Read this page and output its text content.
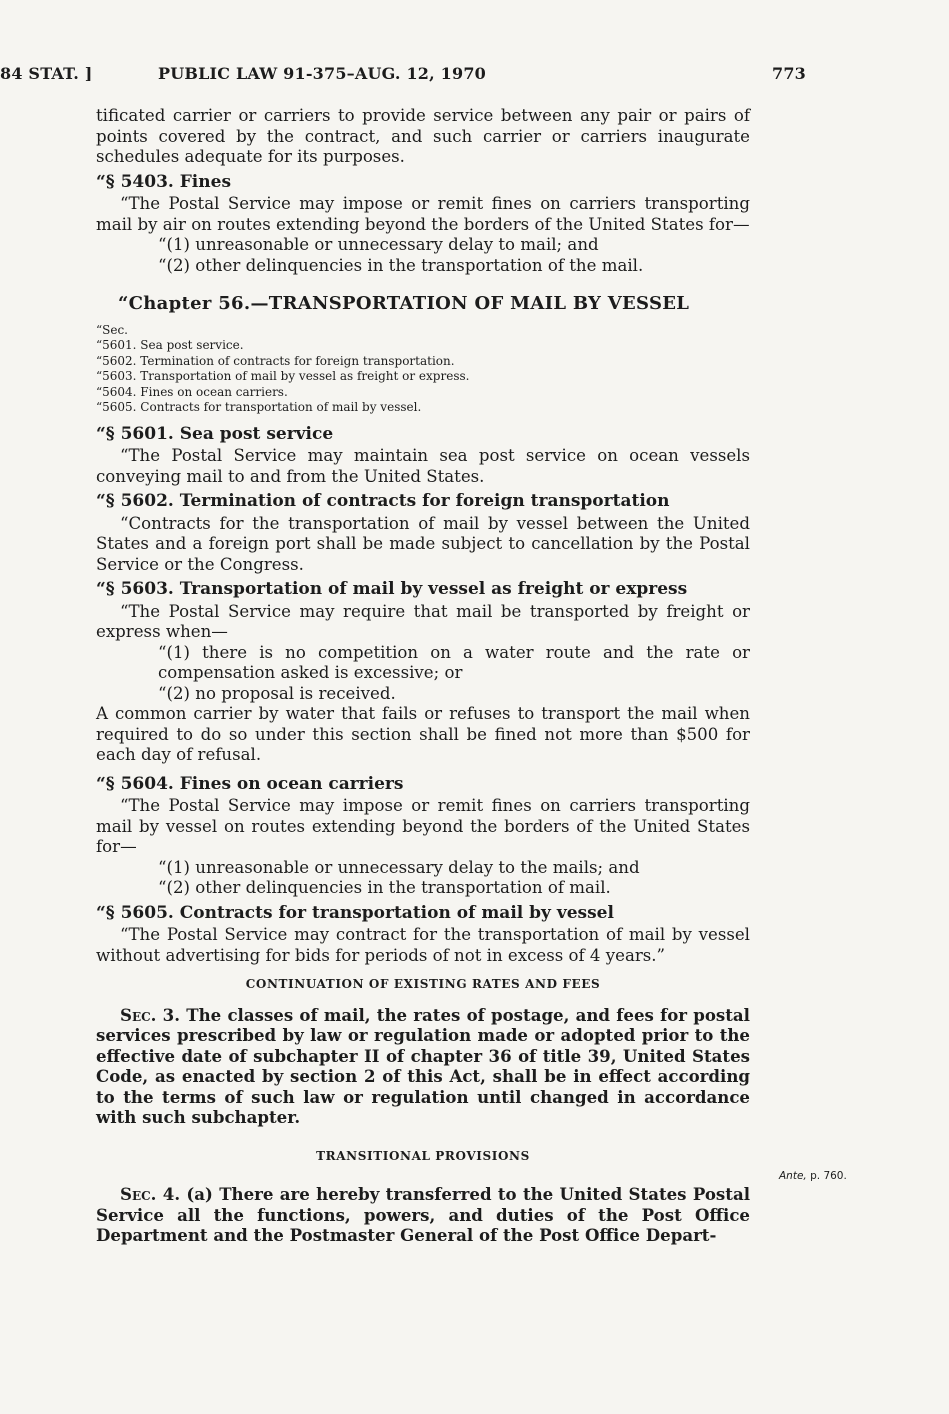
84 STAT. ]	PUBLIC LAW 91-375–AUG. 12, 1970	773

tificated carrier or carriers to provide service between any pair or pairs of points covered by the contract, and such carrier or carriers inaugurate schedules adequate for its purposes.

“§ 5403. Fines

“The Postal Service may impose or remit fines on carriers transporting mail by air on routes extending beyond the borders of the United States for—

“(1) unreasonable or unnecessary delay to mail; and

“(2) other delinquencies in the transportation of the mail.

“Chapter 56.—TRANSPORTATION OF MAIL BY VESSEL
“Sec.
“5601. Sea post service.
“5602. Termination of contracts for foreign transportation.
“5603. Transportation of mail by vessel as freight or express.
“5604. Fines on ocean carriers.
“5605. Contracts for transportation of mail by vessel.
“§ 5601. Sea post service

“The Postal Service may maintain sea post service on ocean vessels conveying mail to and from the United States.

“§ 5602. Termination of contracts for foreign transportation

“Contracts for the transportation of mail by vessel between the United States and a foreign port shall be made subject to cancellation by the Postal Service or the Congress.

“§ 5603. Transportation of mail by vessel as freight or express

“The Postal Service may require that mail be transported by freight or express when—

“(1) there is no competition on a water route and the rate or compensation asked is excessive; or

“(2) no proposal is received.

A common carrier by water that fails or refuses to transport the mail when required to do so under this section shall be fined not more than $500 for each day of refusal.

“§ 5604. Fines on ocean carriers

“The Postal Service may impose or remit fines on carriers transporting mail by vessel on routes extending beyond the borders of the United States for—

“(1) unreasonable or unnecessary delay to the mails; and

“(2) other delinquencies in the transportation of mail.

“§ 5605. Contracts for transportation of mail by vessel

“The Postal Service may contract for the transportation of mail by vessel without advertising for bids for periods of not in excess of 4 years.”

CONTINUATION OF EXISTING RATES AND FEES

Sec. 3. The classes of mail, the rates of postage, and fees for postal services prescribed by law or regulation made or adopted prior to the effective date of subchapter II of chapter 36 of title 39, United States Code, as enacted by section 2 of this Act, shall be in effect according to the terms of such law or regulation until changed in accordance with such subchapter.

TRANSITIONAL PROVISIONS

Sec. 4. (a) There are hereby transferred to the United States Postal Service all the functions, powers, and duties of the Post Office Department and the Postmaster General of the Post Office Depart-

Ante, p. 760.
